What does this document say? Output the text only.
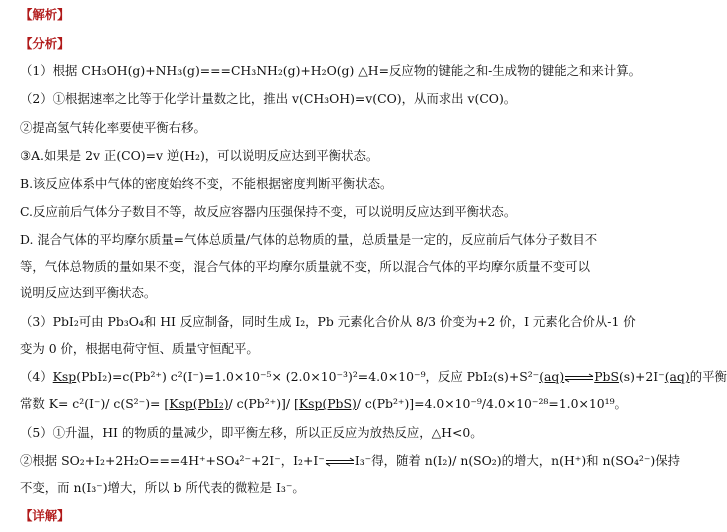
【解析】
【分析】
（1）根据 CH₃OH(g)+NH₃(g)===CH₃NH₂(g)+H₂O(g) △H=反应物的键能之和-生成物的键能之和来计算。
（2）①根据速率之比等于化学计量数之比，推出 v(CH₃OH)=v(CO)，从而求出 v(CO)。
②提高氢气转化率要使平衡右移。
③A.如果是 2v 正(CO)=v 逆(H₂)，可以说明反应达到平衡状态。
B.该反应体系中气体的密度始终不变，不能根据密度判断平衡状态。
C.反应前后气体分子数目不等，故反应容器内压强保持不变，可以说明反应达到平衡状态。
D. 混合气体的平均摩尔质量=气体总质量/气体的总物质的量，总质量是一定的，反应前后气体分子数目不
等，气体总物质的量如果不变，混合气体的平均摩尔质量就不变，所以混合气体的平均摩尔质量不变可以
说明反应达到平衡状态。
（3）PbI₂可由 Pb₃O₄和 HI 反应制备，同时生成 I₂，Pb 元素化合价从 8/3 价变为+2 价，I 元素化合价从-1 价
变为 0 价，根据电荷守恒、质量守恒配平。
（4）Ksp(PbI₂)=c(Pb²⁺) c²(I⁻)=1.0×10⁻⁵× (2.0×10⁻³)²=4.0×10⁻⁹，反应 PbI₂(s)+S²⁻(aq)⇌PbS(s)+2I⁻(aq)的平衡
常数 K= c²(I⁻)/ c(S²⁻)= [Ksp(PbI₂)/ c(Pb²⁺)]/ [Ksp(PbS)/ c(Pb²⁺)]=4.0×10⁻⁹/4.0×10⁻²⁸=1.0×10¹⁹。
（5）①升温，HI 的物质的量减少，即平衡左移，所以正反应为放热反应，△H<0。
②根据 SO₂+I₂+2H₂O===4H⁺+SO₄²⁻+2I⁻，I₂+I⁻⇌I₃⁻得，随着 n(I₂)/ n(SO₂)的增大，n(H⁺)和 n(SO₄²⁻)保持
不变，而 n(I₃⁻)增大，所以 b 所代表的微粒是 I₃⁻。
【详解】
